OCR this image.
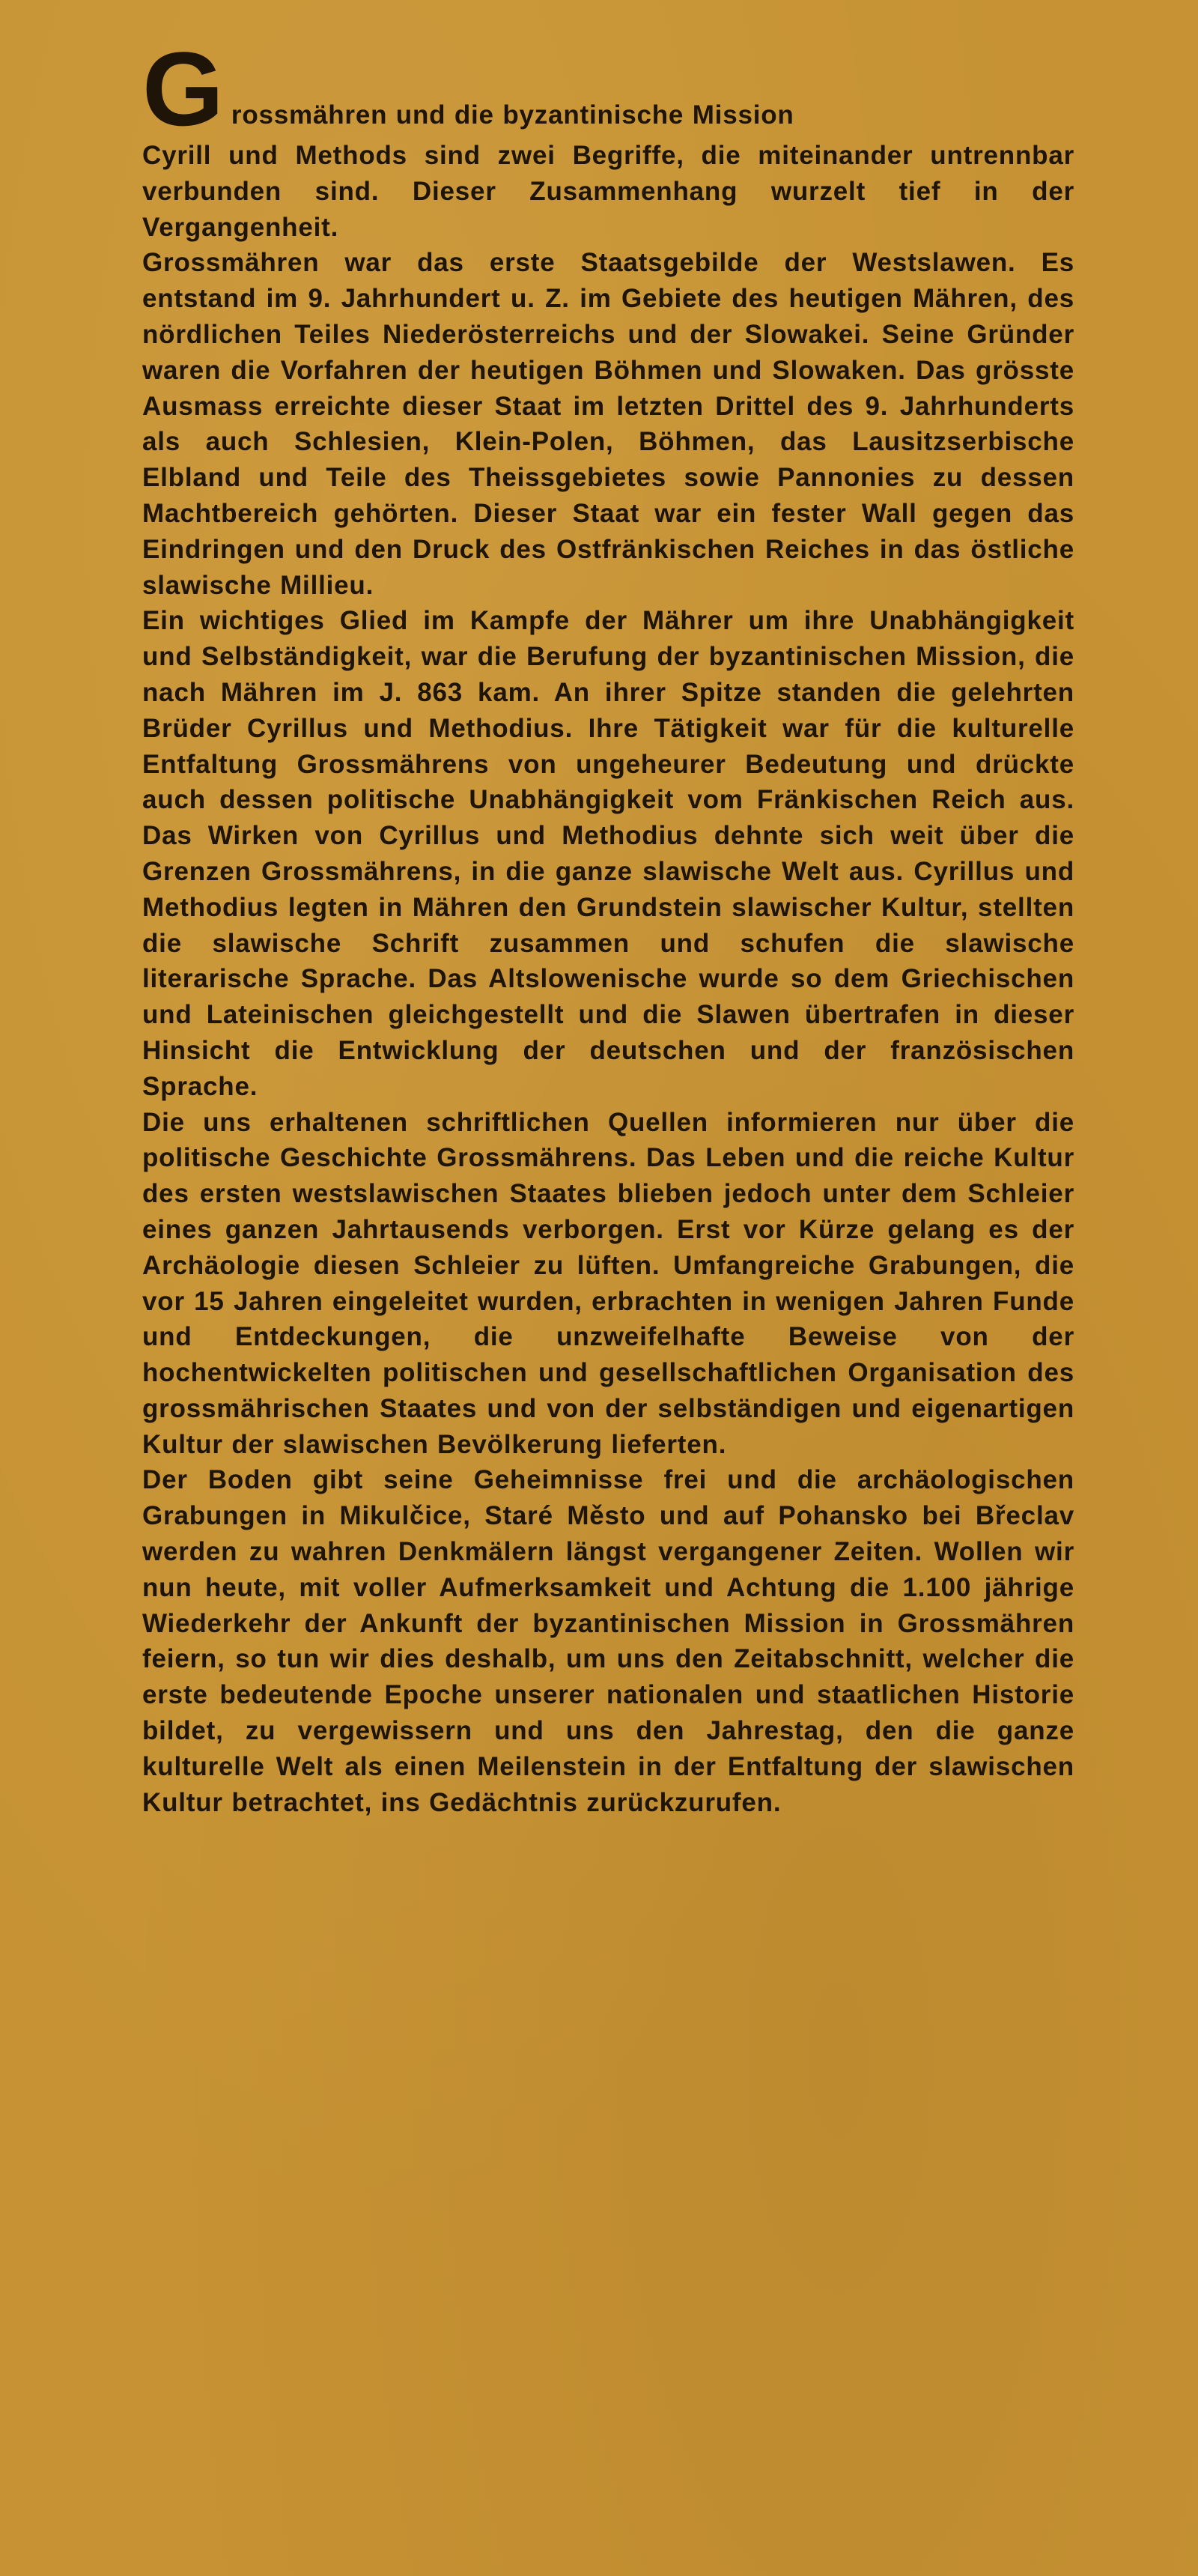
G rossmähren und die byzantinische Mission

Cyrill und Methods sind zwei Begriffe, die miteinander untrennbar verbunden sind. Dieser Zusammenhang wurzelt tief in der Vergangenheit.

Grossmähren war das erste Staatsgebilde der Westslawen. Es entstand im 9. Jahrhundert u. Z. im Gebiete des heutigen Mähren, des nördlichen Teiles Niederösterreichs und der Slowakei. Seine Gründer waren die Vorfahren der heutigen Böhmen und Slowaken. Das grösste Ausmass erreichte dieser Staat im letzten Drittel des 9. Jahrhunderts als auch Schlesien, Klein-Polen, Böhmen, das Lausitzserbische Elbland und Teile des Theissgebietes sowie Pannonies zu dessen Machtbereich gehörten. Dieser Staat war ein fester Wall gegen das Eindringen und den Druck des Ostfränkischen Reiches in das östliche slawische Millieu.

Ein wichtiges Glied im Kampfe der Mährer um ihre Unabhängigkeit und Selbständigkeit, war die Berufung der byzantinischen Mission, die nach Mähren im J. 863 kam. An ihrer Spitze standen die gelehrten Brüder Cyrillus und Methodius. Ihre Tätigkeit war für die kulturelle Entfaltung Grossmährens von ungeheurer Bedeutung und drückte auch dessen politische Unabhängigkeit vom Fränkischen Reich aus. Das Wirken von Cyrillus und Methodius dehnte sich weit über die Grenzen Grossmährens, in die ganze slawische Welt aus. Cyrillus und Methodius legten in Mähren den Grundstein slawischer Kultur, stellten die slawische Schrift zusammen und schufen die slawische literarische Sprache. Das Altslowenische wurde so dem Griechischen und Lateinischen gleichgestellt und die Slawen übertrafen in dieser Hinsicht die Entwicklung der deutschen und der französischen Sprache.

Die uns erhaltenen schriftlichen Quellen informieren nur über die politische Geschichte Grossmährens. Das Leben und die reiche Kultur des ersten westslawischen Staates blieben jedoch unter dem Schleier eines ganzen Jahrtausends verborgen. Erst vor Kürze gelang es der Archäologie diesen Schleier zu lüften. Umfangreiche Grabungen, die vor 15 Jahren eingeleitet wurden, erbrachten in wenigen Jahren Funde und Entdeckungen, die unzweifelhafte Beweise von der hochentwickelten politischen und gesellschaftlichen Organisation des grossmährischen Staates und von der selbständigen und eigenartigen Kultur der slawischen Bevölkerung lieferten.

Der Boden gibt seine Geheimnisse frei und die archäologischen Grabungen in Mikulčice, Staré Město und auf Pohansko bei Břeclav werden zu wahren Denkmälern längst vergangener Zeiten. Wollen wir nun heute, mit voller Aufmerksamkeit und Achtung die 1.100 jährige Wiederkehr der Ankunft der byzantinischen Mission in Grossmähren feiern, so tun wir dies deshalb, um uns den Zeitabschnitt, welcher die erste bedeutende Epoche unserer nationalen und staatlichen Historie bildet, zu vergewissern und uns den Jahrestag, den die ganze kulturelle Welt als einen Meilenstein in der Entfaltung der slawischen Kultur betrachtet, ins Gedächtnis zurückzurufen.
